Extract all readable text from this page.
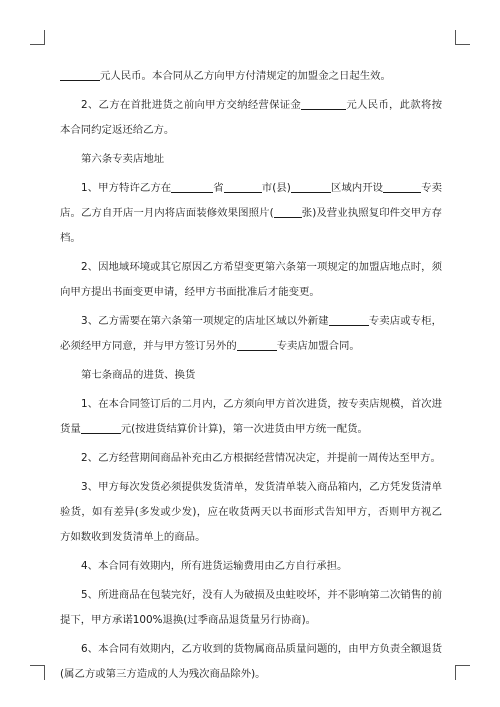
元人民币。本合同从乙方向甲方付清规定的加盟金之日起生效。

2、乙方在首批进货之前向甲方交纳经营保证金	元人民币，此款将按本合同约定返还给乙方。

第六条专卖店地址

1、甲方特许乙方在	省	市(县)	区域内开设	专卖店。乙方自开店一月内将店面装修效果图照片(	张)及营业执照复印件交甲方存档。

2、因地域环境或其它原因乙方希望变更第六条第一项规定的加盟店地点时，须向甲方提出书面变更申请，经甲方书面批准后才能变更。

3、乙方需要在第六条第一项规定的店址区域以外新建	专卖店或专柜，必须经甲方同意，并与甲方签订另外的	专卖店加盟合同。

第七条商品的进货、换货

1、在本合同签订后的二月内，乙方须向甲方首次进货，按专卖店规模，首次进货量	元(按进货结算价计算)，第一次进货由甲方统一配货。

2、乙方经营期间商品补充由乙方根据经营情况决定，并提前一周传达至甲方。

3、甲方每次发货必须提供发货清单，发货清单装入商品箱内，乙方凭发货清单验货，如有差异(多发或少发)，应在收货两天以书面形式告知甲方，否则甲方视乙方如数收到发货清单上的商品。

4、本合同有效期内，所有进货运输费用由乙方自行承担。

5、所进商品在包装完好，没有人为破损及虫蛀咬坏，并不影响第二次销售的前提下，甲方承诺100%退换(过季商品退货量另行协商)。

6、本合同有效期内，乙方收到的货物属商品质量问题的，由甲方负责全额退货(属乙方或第三方造成的人为残次商品除外)。
